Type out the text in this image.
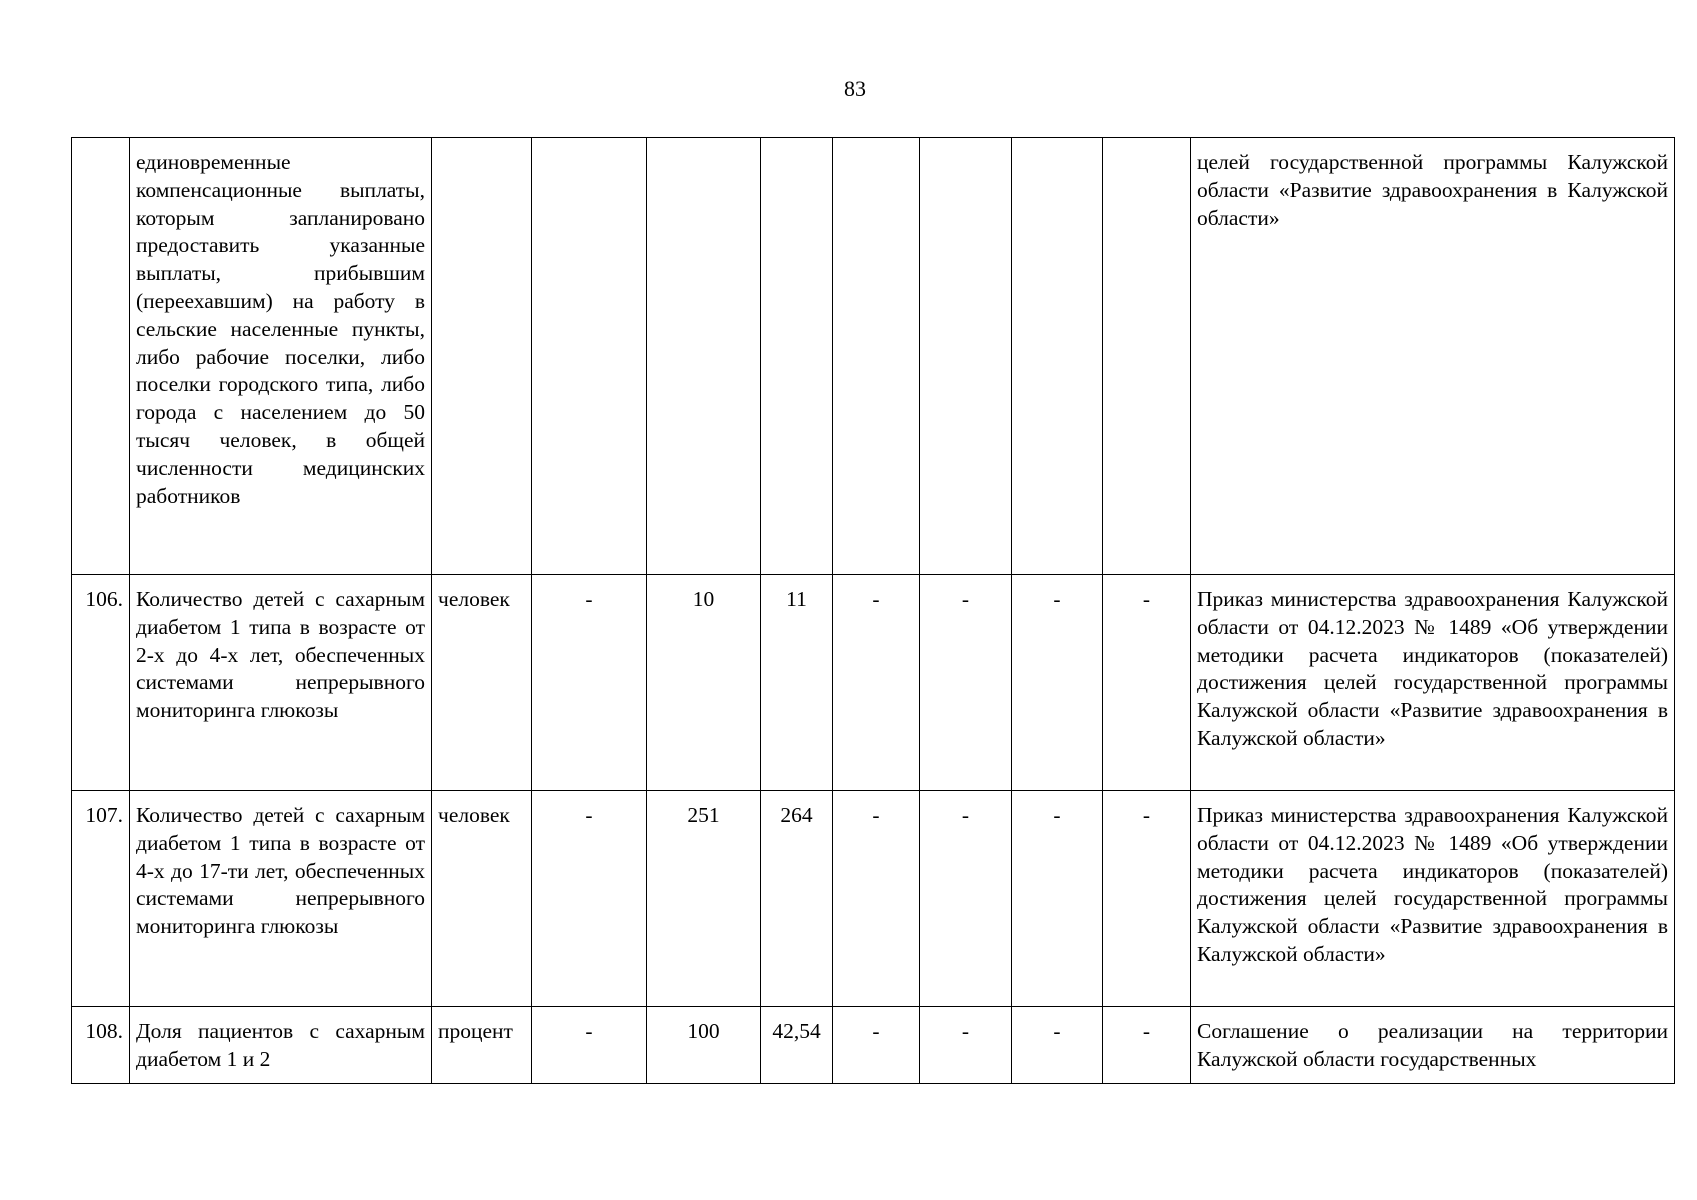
83
	единовременные компенсационные выплаты, которым запланировано предоставить указанные выплаты, прибывшим (переехавшим) на работу в сельские населенные пункты, либо рабочие поселки, либо поселки городского типа, либо города с населением до 50 тысяч человек, в общей численности медицинских работников									целей государственной программы Калужской области «Развитие здравоохранения в Калужской области»
106.	Количество детей с сахарным диабетом 1 типа в возрасте от 2-х до 4-х лет, обеспеченных системами непрерывного мониторинга глюкозы	человек	-	10	11	-	-	-	-	Приказ министерства здравоохранения Калужской области от 04.12.2023 № 1489 «Об утверждении методики расчета индикаторов (показателей) достижения целей государственной программы Калужской области «Развитие здравоохранения в Калужской области»
107.	Количество детей с сахарным диабетом 1 типа в возрасте от 4-х до 17-ти лет, обеспеченных системами непрерывного мониторинга глюкозы	человек	-	251	264	-	-	-	-	Приказ министерства здравоохранения Калужской области от 04.12.2023 № 1489 «Об утверждении методики расчета индикаторов (показателей) достижения целей государственной программы Калужской области «Развитие здравоохранения в Калужской области»
108.	Доля пациентов с сахарным диабетом 1 и 2	процент	-	100	42,54	-	-	-	-	Соглашение о реализации на территории Калужской области государственных
